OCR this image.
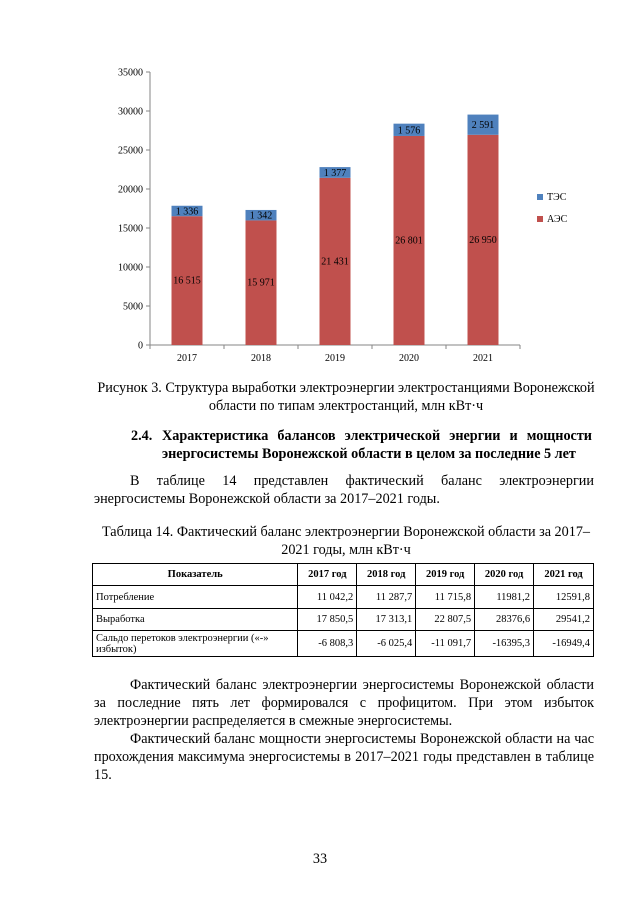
0
5000
10000
15000
20000
25000
30000
35000
16 515
1 336
2017
15 971
1 342
2018
21 431
1 377
2019
26 801
1 576
2020
26 950
2 591
2021
ТЭС
АЭС
Рисунок 3. Структура выработки электроэнергии электростанциями Воронежской области по типам электростанций, млн кВт·ч
2.4. Характеристика балансов электрической энергии и мощности
энергосистемы Воронежской области в целом за последние 5 лет
В таблице 14 представлен фактический баланс электроэнергии энергосистемы Воронежской области за 2017–2021 годы.
Таблица 14. Фактический баланс электроэнергии Воронежской области за 2017–2021 годы, млн кВт·ч
Показатель	2017 год	2018 год	2019 год	2020 год	2021 год
Потребление	11 042,2	11 287,7	11 715,8	11981,2	12591,8
Выработка	17 850,5	17 313,1	22 807,5	28376,6	29541,2
Сальдо перетоков электроэнергии («-» избыток)	-6 808,3	-6 025,4	-11 091,7	-16395,3	-16949,4
Фактический баланс электроэнергии энергосистемы Воронежской области за последние пять лет формировался с профицитом. При этом избыток электроэнергии распределяется в смежные энергосистемы.
Фактический баланс мощности энергосистемы Воронежской области на час прохождения максимума энергосистемы в 2017–2021 годы представлен в таблице 15.
33
